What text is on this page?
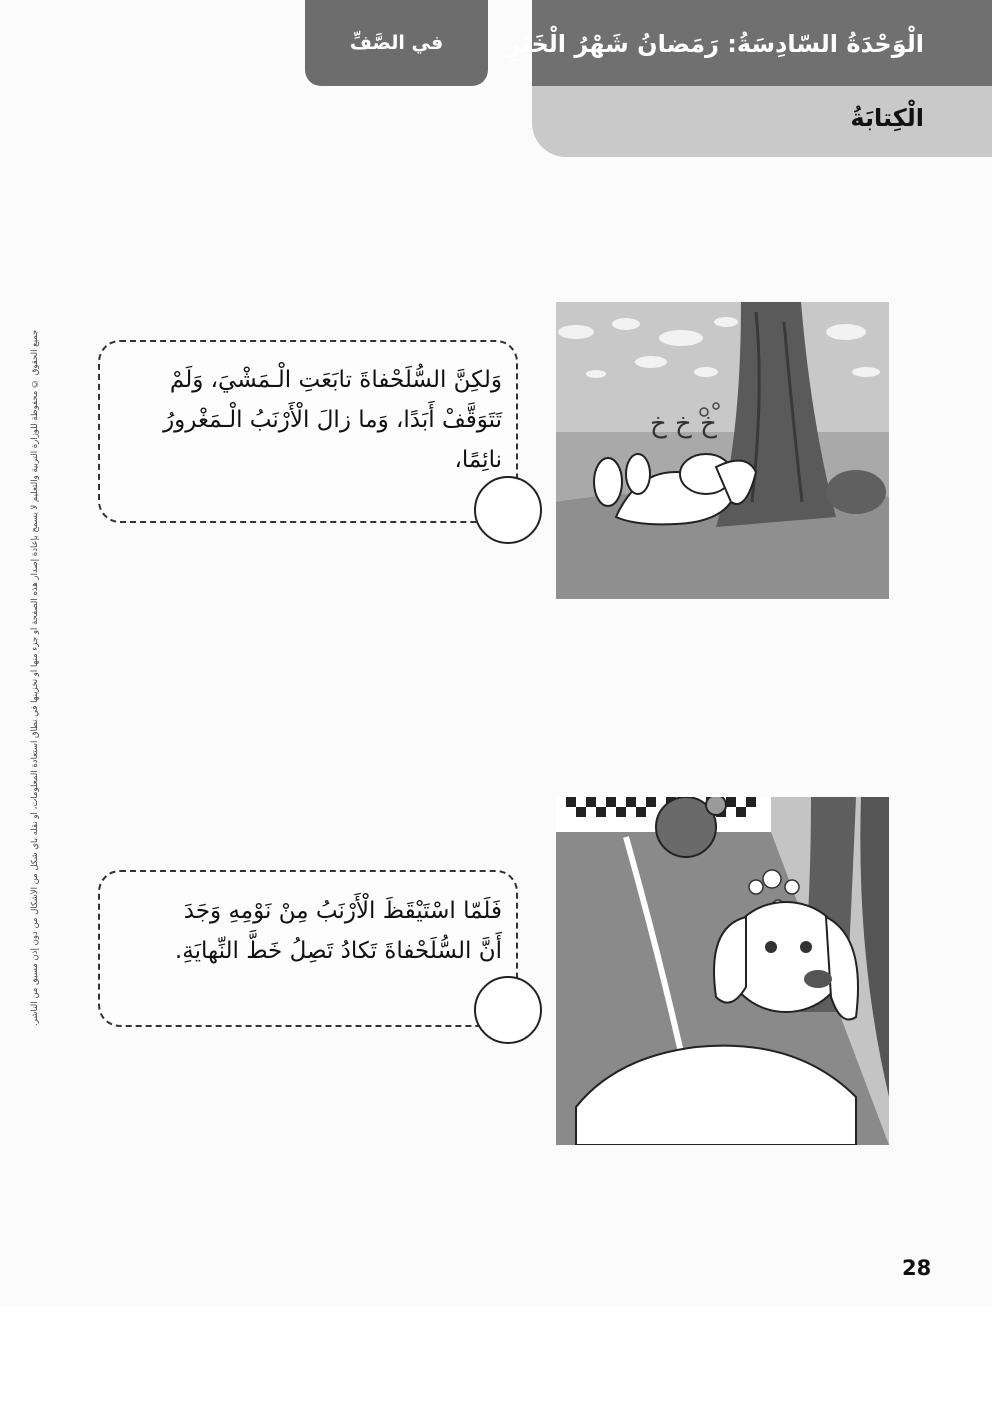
الْوَحْدَةُ السّادِسَةُ: رَمَضانُ شَهْرُ الْخَيْرِ
الْكِتابَةُ
في الصَّفِّ
جميع الحقوق © محفوظة للوزارة التربية والتعليم لا يسمح بإعادة إصدار هذه الصفحة أو جزء منها أو تخزينها في نطاق استعادة المعلومات، أو نقله بأي شكل من الأشكال من دون إذن مسبق من الناشر.	وَلكِنَّ السُّلَحْفاةَ تابَعَتِ الْـمَشْيَ، وَلَمْ
تَتَوَقَّفْ أَبَدًا، وَما زالَ الْأَرْنَبُ الْـمَغْرورُ
نائِمًا،
خ خ خ
فَلَمّا اسْتَيْقَظَ الْأَرْنَبُ مِنْ نَوْمِهِ وَجَدَ
أَنَّ السُّلَحْفاةَ تَكادُ تَصِلُ خَطَّ النِّهايَةِ.
28
